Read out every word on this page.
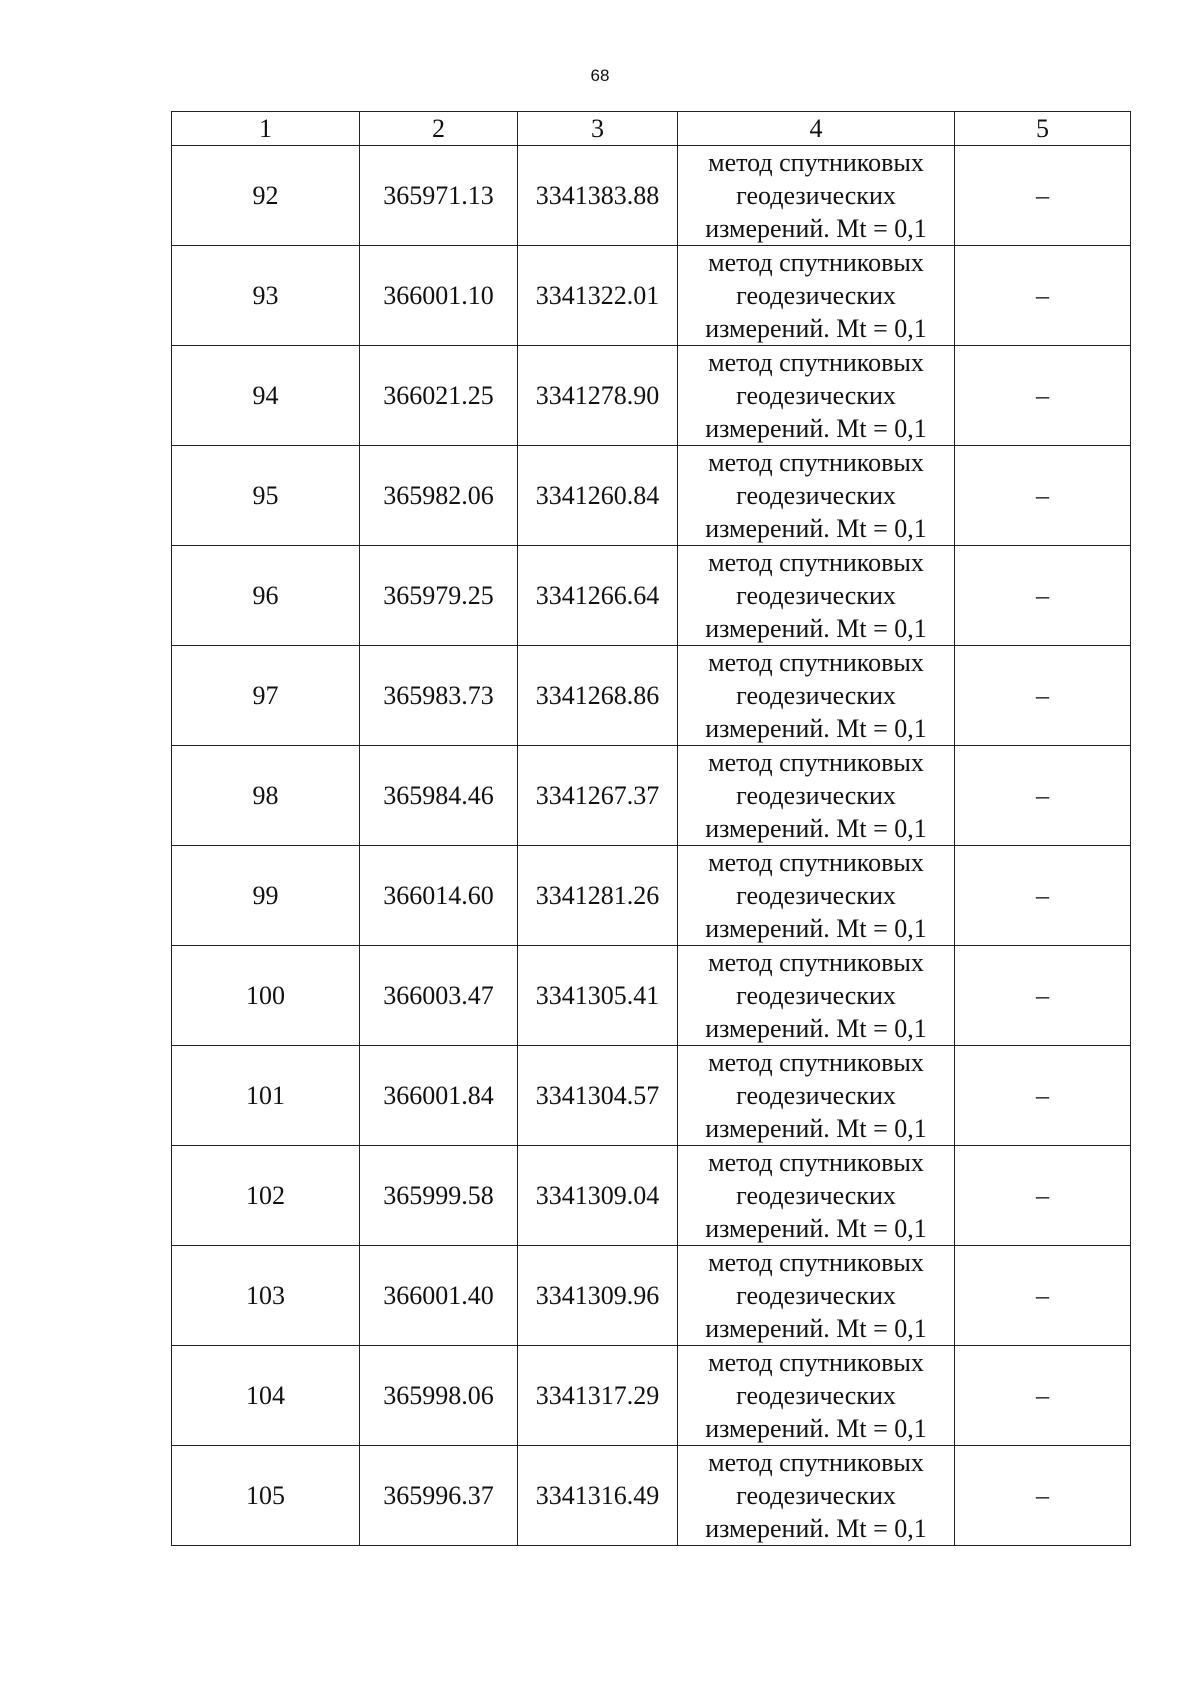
68
1	2	3	4	5

92	365971.13	3341383.88	метод спутниковых геодезических измерений. Mt = 0,1	–

93	366001.10	3341322.01	метод спутниковых геодезических измерений. Mt = 0,1	–

94	366021.25	3341278.90	метод спутниковых геодезических измерений. Mt = 0,1	–

95	365982.06	3341260.84	метод спутниковых геодезических измерений. Mt = 0,1	–

96	365979.25	3341266.64	метод спутниковых геодезических измерений. Mt = 0,1	–

97	365983.73	3341268.86	метод спутниковых геодезических измерений. Mt = 0,1	–

98	365984.46	3341267.37	метод спутниковых геодезических измерений. Mt = 0,1	–

99	366014.60	3341281.26	метод спутниковых геодезических измерений. Mt = 0,1	–

100	366003.47	3341305.41	метод спутниковых геодезических измерений. Mt = 0,1	–

101	366001.84	3341304.57	метод спутниковых геодезических измерений. Mt = 0,1	–

102	365999.58	3341309.04	метод спутниковых геодезических измерений. Mt = 0,1	–

103	366001.40	3341309.96	метод спутниковых геодезических измерений. Mt = 0,1	–

104	365998.06	3341317.29	метод спутниковых геодезических измерений. Mt = 0,1	–

105	365996.37	3341316.49	метод спутниковых геодезических измерений. Mt = 0,1	–
